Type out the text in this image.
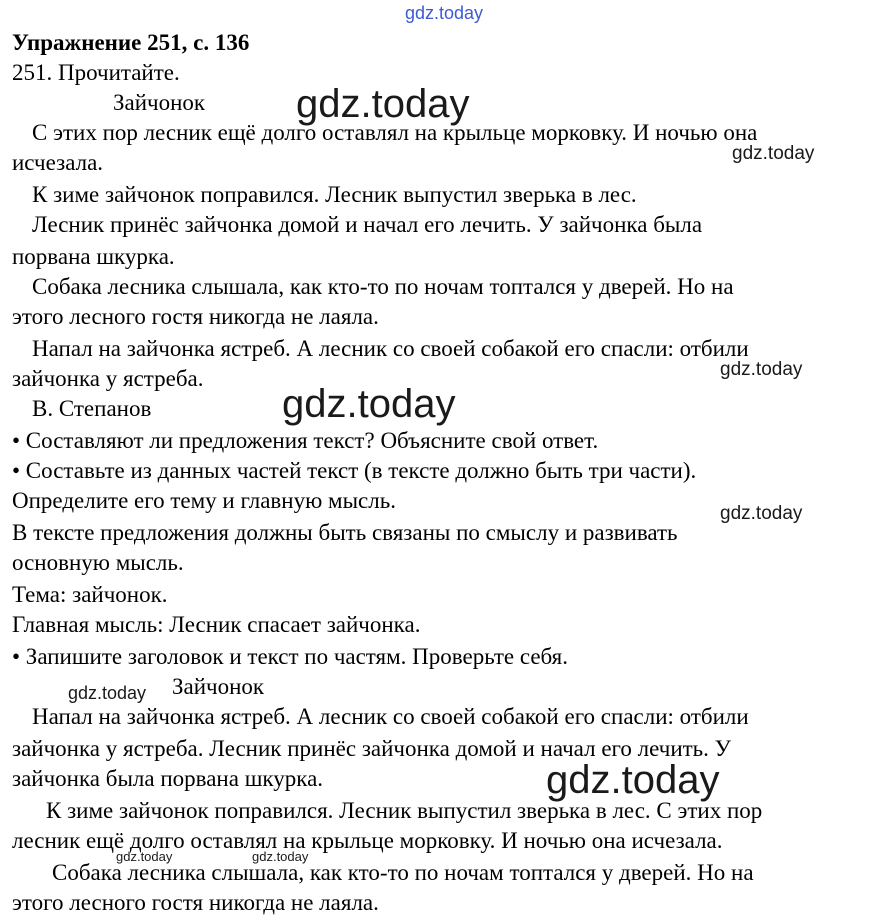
gdz.today
gdz.today
gdz.today
gdz.today
gdz.today
gdz.today
gdz.today
gdz.today
gdz.today	gdz.today
Упражнение 251, с. 136
251. Прочитайте.
Зайчонок
С этих пор лесник ещё долго оставлял на крыльце морковку. И ночью она
исчезала.
К зиме зайчонок поправился. Лесник выпустил зверька в лес.
Лесник принёс зайчонка домой и начал его лечить. У зайчонка была
порвана шкурка.
Собака лесника слышала, как кто-то по ночам топтался у дверей. Но на
этого лесного гостя никогда не лаяла.
Напал на зайчонка ястреб. А лесник со своей собакой его спасли: отбили
зайчонка у ястреба.
В. Степанов
• Составляют ли предложения текст? Объясните свой ответ.
• Составьте из данных частей текст (в тексте должно быть три части).
Определите его тему и главную мысль.
В тексте предложения должны быть связаны по смыслу и развивать
основную мысль.
Тема: зайчонок.
Главная мысль: Лесник спасает зайчонка.
• Запишите заголовок и текст по частям. Проверьте себя.
Зайчонок
Напал на зайчонка ястреб. А лесник со своей собакой его спасли: отбили
зайчонка у ястреба. Лесник принёс зайчонка домой и начал его лечить. У
зайчонка была порвана шкурка.
К зиме зайчонок поправился. Лесник выпустил зверька в лес. С этих пор
лесник ещё долго оставлял на крыльце морковку. И ночью она исчезала.
Собака лесника слышала, как кто-то по ночам топтался у дверей. Но на
этого лесного гостя никогда не лаяла.
